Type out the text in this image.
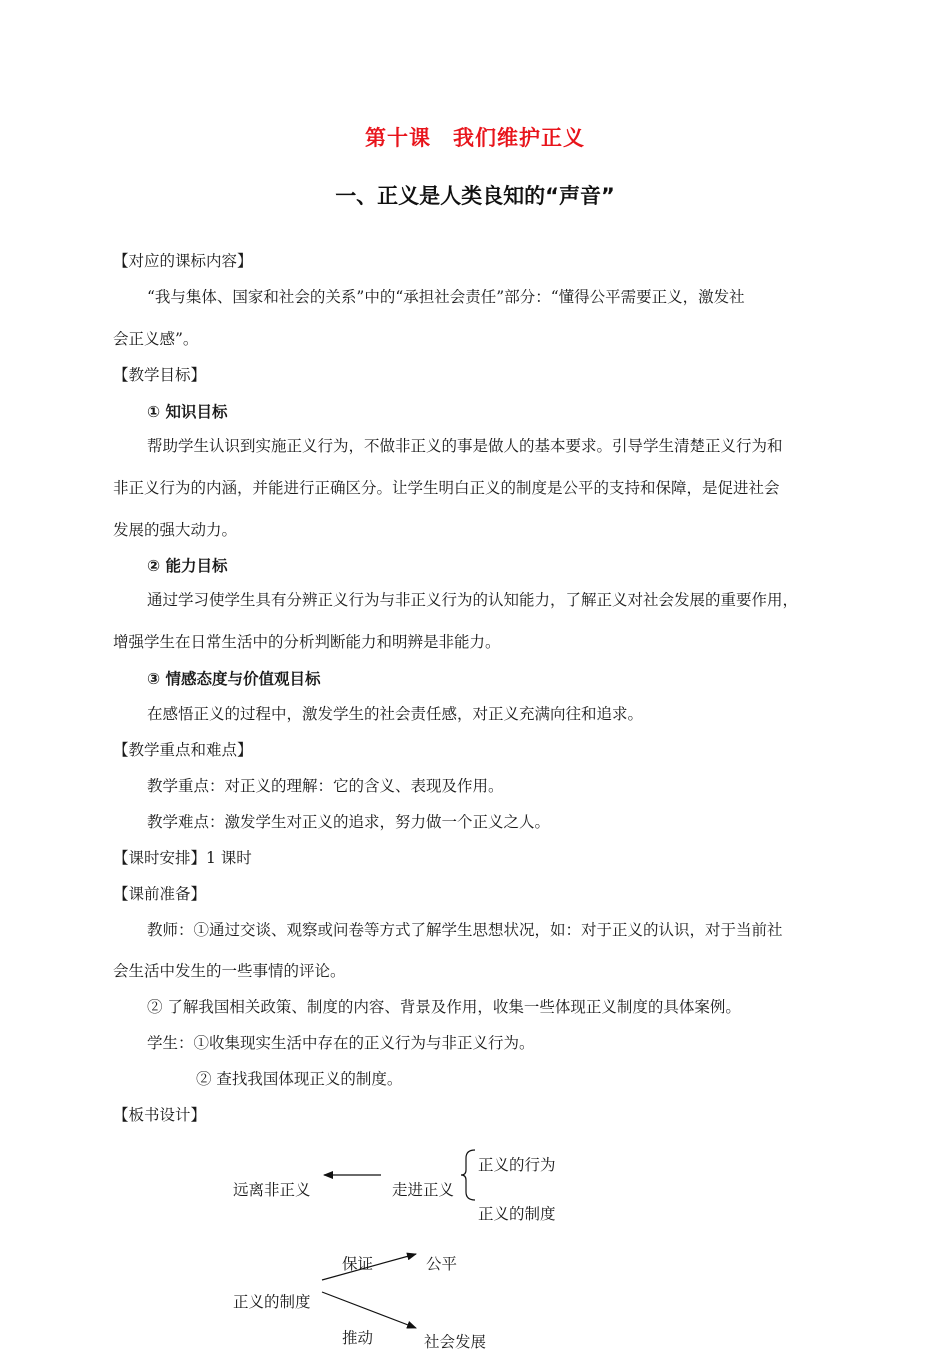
第十课　我们维护正义
一、正义是人类良知的“声音”
【对应的课标内容】
“我与集体、国家和社会的关系”中的“承担社会责任”部分：“懂得公平需要正义，激发社
会正义感”。
【教学目标】
① 知识目标
帮助学生认识到实施正义行为，不做非正义的事是做人的基本要求。引导学生清楚正义行为和
非正义行为的内涵，并能进行正确区分。让学生明白正义的制度是公平的支持和保障，是促进社会
发展的强大动力。
② 能力目标
通过学习使学生具有分辨正义行为与非正义行为的认知能力，了解正义对社会发展的重要作用，
增强学生在日常生活中的分析判断能力和明辨是非能力。
③ 情感态度与价值观目标
在感悟正义的过程中，激发学生的社会责任感，对正义充满向往和追求。
【教学重点和难点】
教学重点：对正义的理解：它的含义、表现及作用。
教学难点：激发学生对正义的追求，努力做一个正义之人。
【课时安排】1 课时
【课前准备】
教师：①通过交谈、观察或问卷等方式了解学生思想状况，如：对于正义的认识，对于当前社
会生活中发生的一些事情的评论。
② 了解我国相关政策、制度的内容、背景及作用，收集一些体现正义制度的具体案例。
学生：①收集现实生活中存在的正义行为与非正义行为。
② 查找我国体现正义的制度。
【板书设计】
远离非正义	走进正义
正义的行为
正义的制度
正义的制度
保证	公平
推动	社会发展
